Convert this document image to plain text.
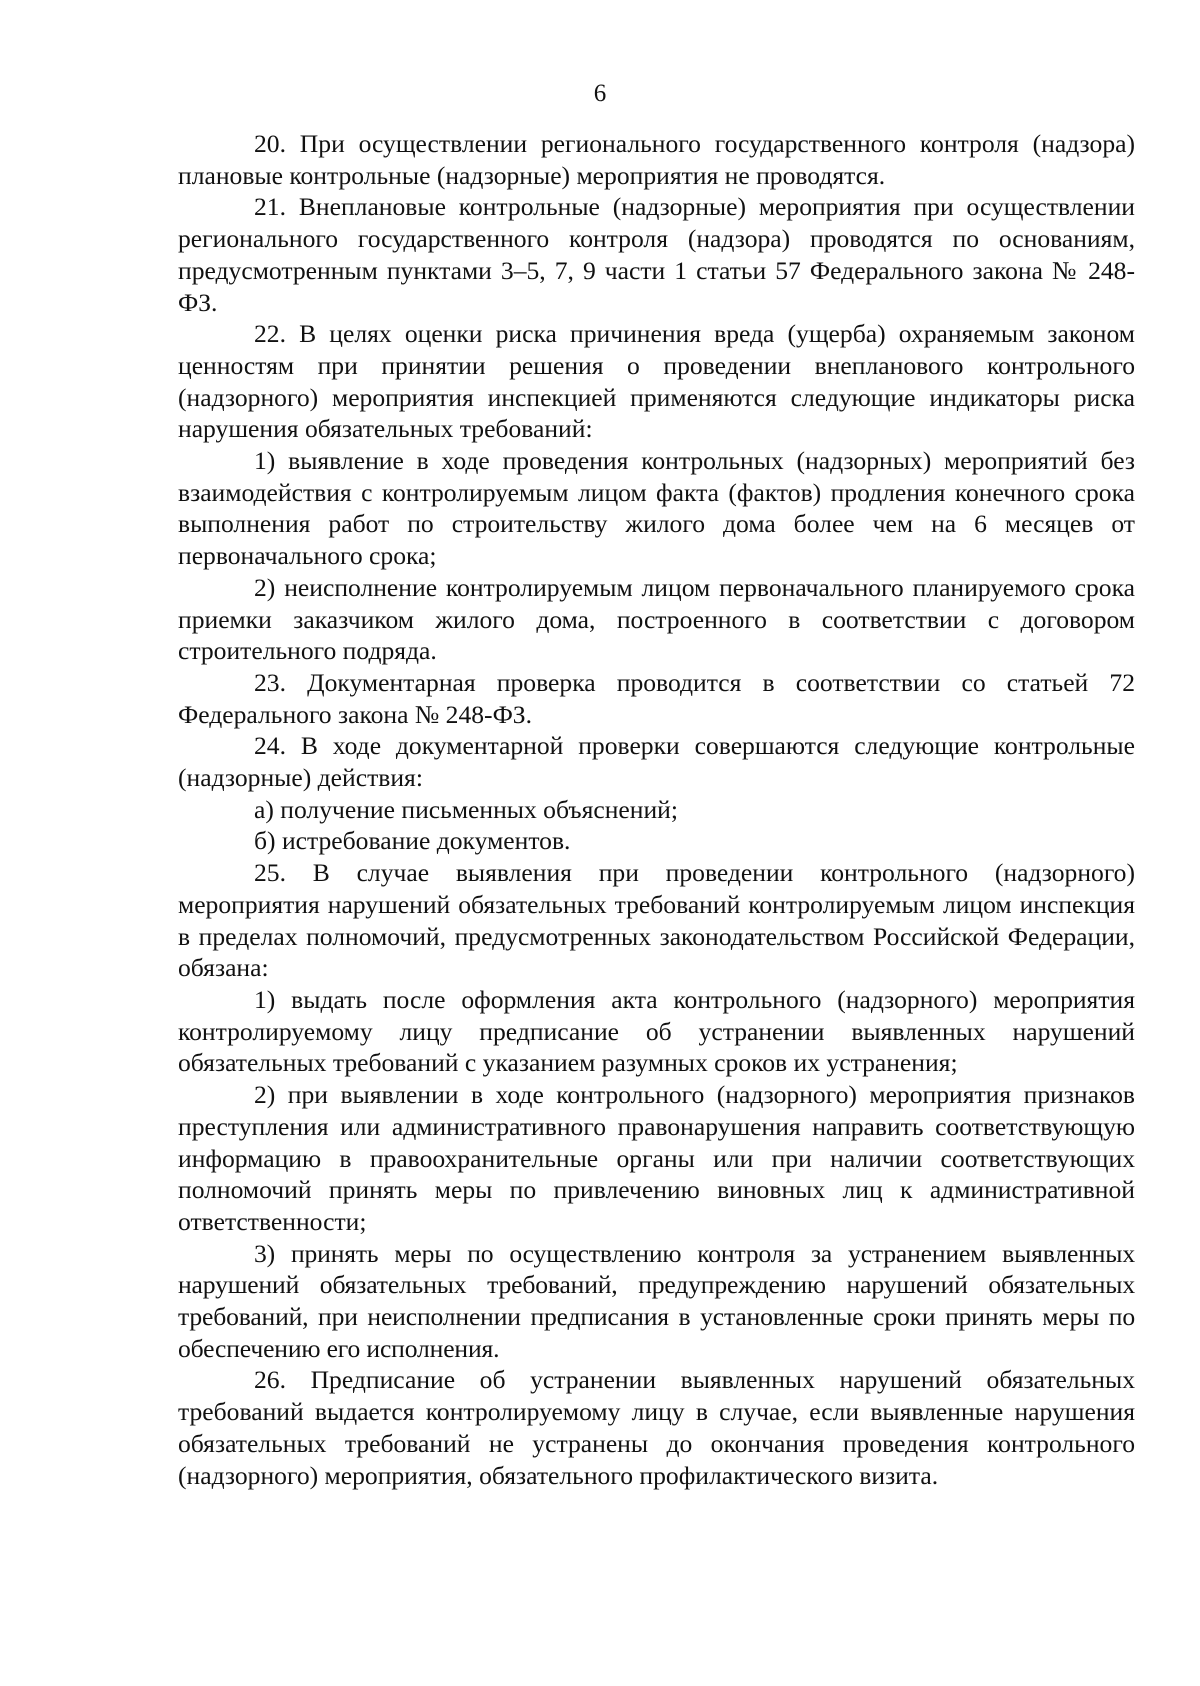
6

20. При осуществлении регионального государственного контроля (надзора) плановые контрольные (надзорные) мероприятия не проводятся.

21. Внеплановые контрольные (надзорные) мероприятия при осуществлении регионального государственного контроля (надзора) проводятся по основаниям, предусмотренным пунктами 3–5, 7, 9 части 1 статьи 57 Федерального закона № 248-ФЗ.

22. В целях оценки риска причинения вреда (ущерба) охраняемым законом ценностям при принятии решения о проведении внепланового контрольного (надзорного) мероприятия инспекцией применяются следующие индикаторы риска нарушения обязательных требований:

1) выявление в ходе проведения контрольных (надзорных) мероприятий без взаимодействия с контролируемым лицом факта (фактов) продления конечного срока выполнения работ по строительству жилого дома более чем на 6 месяцев от первоначального срока;

2) неисполнение контролируемым лицом первоначального планируемого срока приемки заказчиком жилого дома, построенного в соответствии с договором строительного подряда.

23. Документарная проверка проводится в соответствии со статьей 72 Федерального закона № 248-ФЗ.

24. В ходе документарной проверки совершаются следующие контрольные (надзорные) действия:

а) получение письменных объяснений;

б) истребование документов.

25. В случае выявления при проведении контрольного (надзорного) мероприятия нарушений обязательных требований контролируемым лицом инспекция в пределах полномочий, предусмотренных законодательством Российской Федерации, обязана:

1) выдать после оформления акта контрольного (надзорного) мероприятия контролируемому лицу предписание об устранении выявленных нарушений обязательных требований с указанием разумных сроков их устранения;

2) при выявлении в ходе контрольного (надзорного) мероприятия признаков преступления или административного правонарушения направить соответствующую информацию в правоохранительные органы или при наличии соответствующих полномочий принять меры по привлечению виновных лиц к административной ответственности;

3) принять меры по осуществлению контроля за устранением выявленных нарушений обязательных требований, предупреждению нарушений обязательных требований, при неисполнении предписания в установленные сроки принять меры по обеспечению его исполнения.

26. Предписание об устранении выявленных нарушений обязательных требований выдается контролируемому лицу в случае, если выявленные нарушения обязательных требований не устранены до окончания проведения контрольного (надзорного) мероприятия, обязательного профилактического визита.
